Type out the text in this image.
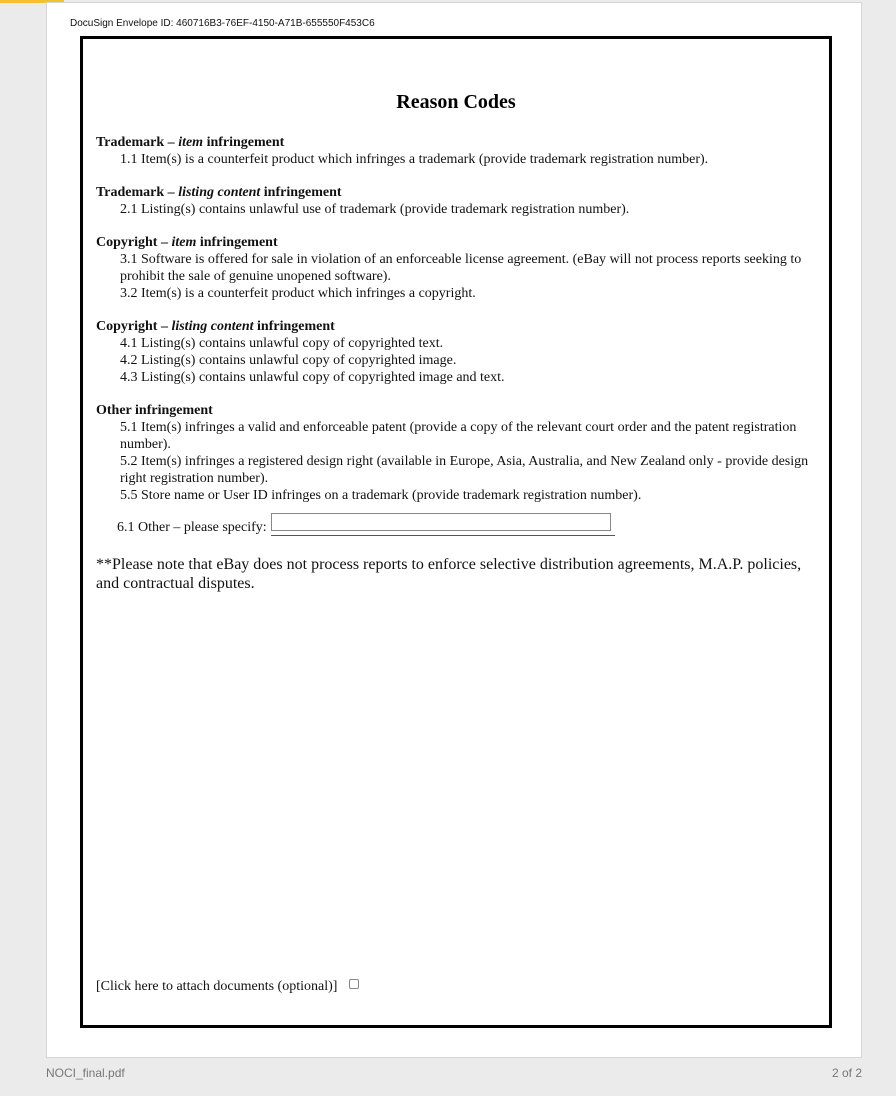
DocuSign Envelope ID: 460716B3-76EF-4150-A71B-655550F453C6
Reason Codes
Trademark – item infringement
1.1 Item(s) is a counterfeit product which infringes a trademark (provide trademark registration number).
Trademark – listing content infringement
2.1 Listing(s) contains unlawful use of trademark (provide trademark registration number).
Copyright – item infringement
3.1 Software is offered for sale in violation of an enforceable license agreement. (eBay will not process reports seeking to prohibit the sale of genuine unopened software).
3.2 Item(s) is a counterfeit product which infringes a copyright.
Copyright – listing content infringement
4.1 Listing(s) contains unlawful copy of copyrighted text.
4.2 Listing(s) contains unlawful copy of copyrighted image.
4.3 Listing(s) contains unlawful copy of copyrighted image and text.
Other infringement
5.1 Item(s) infringes a valid and enforceable patent (provide a copy of the relevant court order and the patent registration number).
5.2 Item(s) infringes a registered design right (available in Europe, Asia, Australia, and New Zealand only - provide design right registration number).
5.5 Store name or User ID infringes on a trademark (provide trademark registration number).
6.1 Other – please specify:
**Please note that eBay does not process reports to enforce selective distribution agreements, M.A.P. policies, and contractual disputes.
[Click here to attach documents (optional)]
NOCI_final.pdf	2 of 2
